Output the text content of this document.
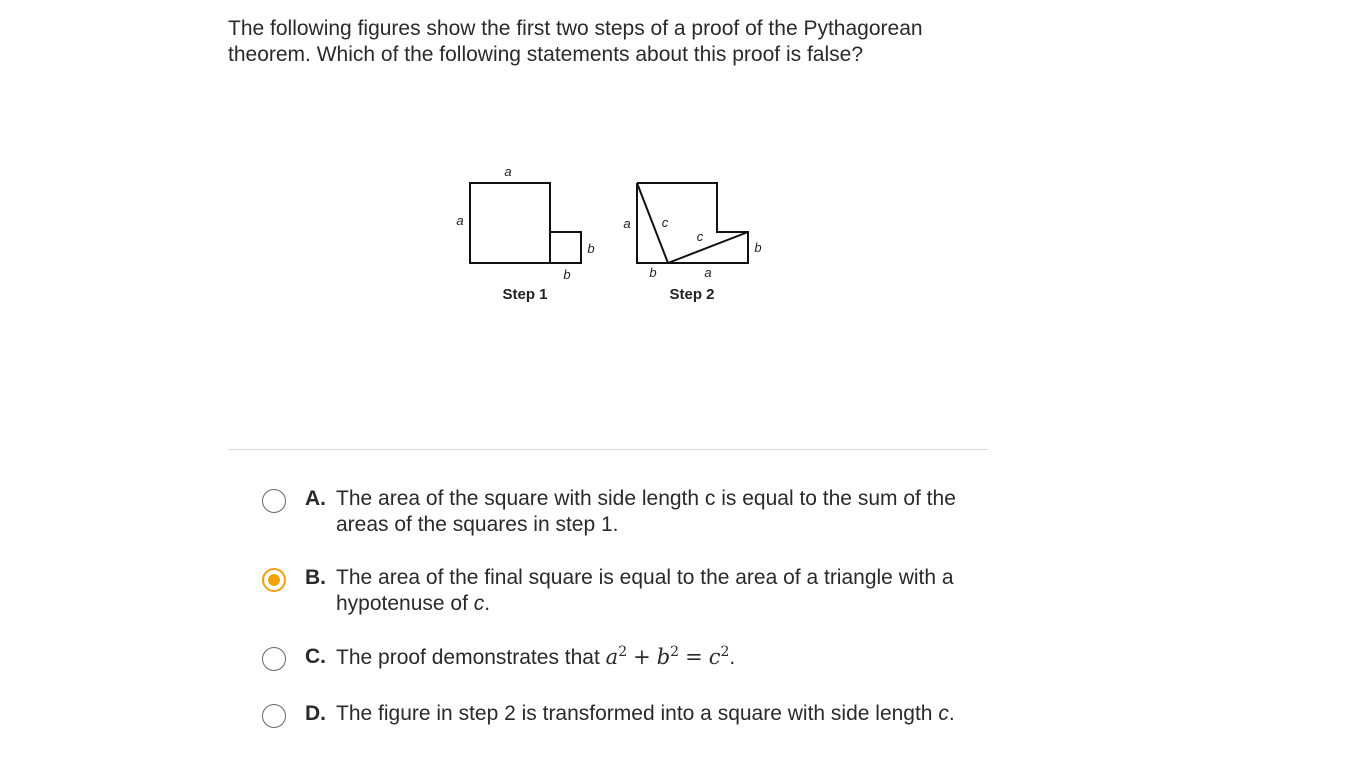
The following figures show the first two steps of a proof of the Pythagorean theorem. Which of the following statements about this proof is false?

a
a
b
b
Step 1
a c
c
b
b	a
Step 2
A. The area of the square with side length c is equal to the sum of the areas of the squares in step 1.
B. The area of the final square is equal to the area of a triangle with a hypotenuse of c.
C. The proof demonstrates that $a^2 + b^2 = c^2$.
D. The figure in step 2 is transformed into a square with side length c.
